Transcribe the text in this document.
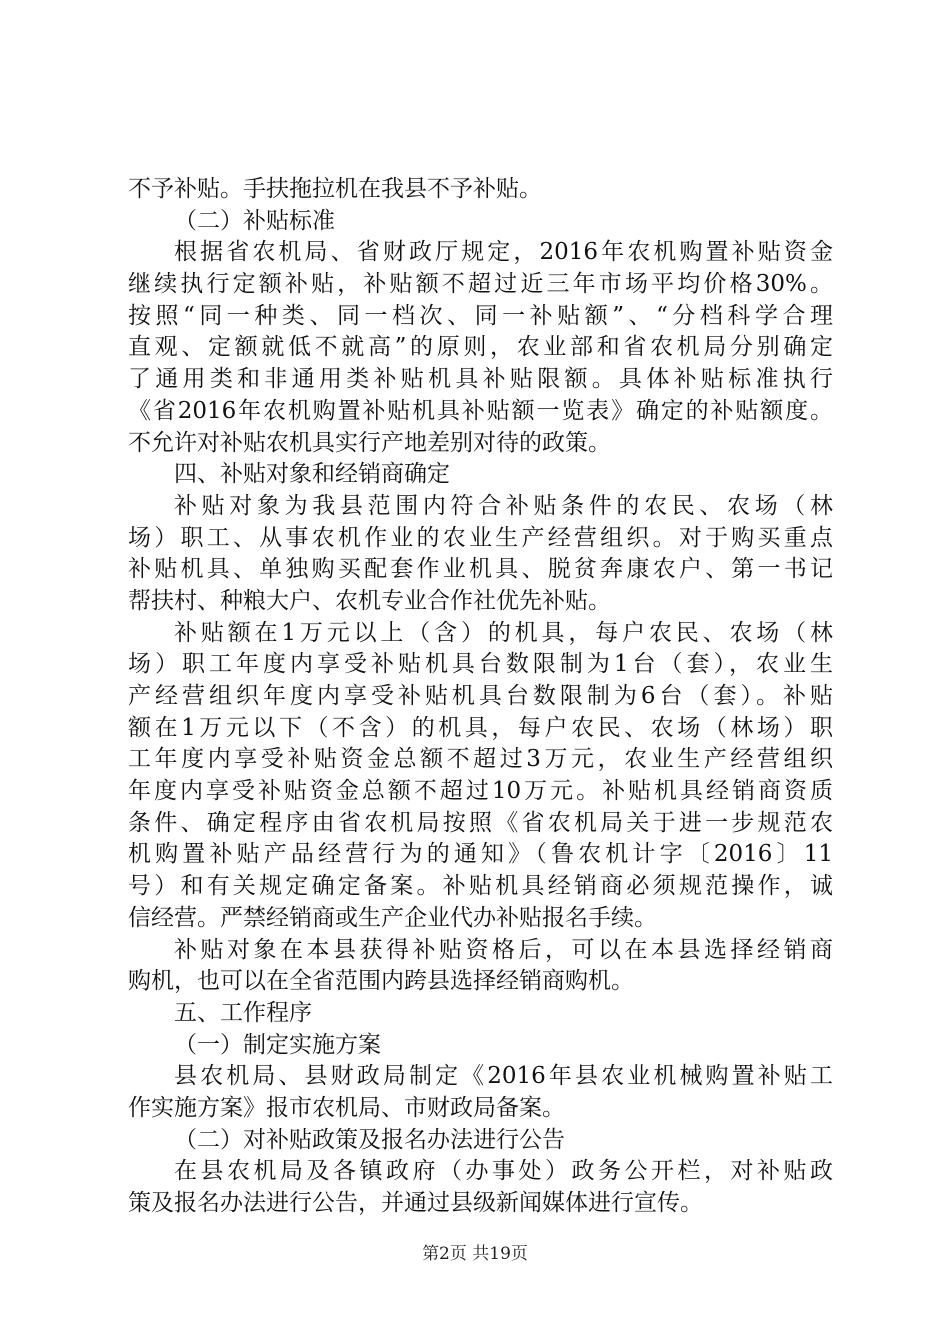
不予补贴。手扶拖拉机在我县不予补贴。
（二）补贴标准
根据省农机局、省财政厅规定，2016年农机购置补贴资金
继续执行定额补贴，补贴额不超过近三年市场平均价格30%。
按照“同一种类、同一档次、同一补贴额”、“分档科学合理
直观、定额就低不就高”的原则，农业部和省农机局分别确定
了通用类和非通用类补贴机具补贴限额。具体补贴标准执行
《省2016年农机购置补贴机具补贴额一览表》确定的补贴额度。
不允许对补贴农机具实行产地差别对待的政策。
四、补贴对象和经销商确定
补贴对象为我县范围内符合补贴条件的农民、农场（林
场）职工、从事农机作业的农业生产经营组织。对于购买重点
补贴机具、单独购买配套作业机具、脱贫奔康农户、第一书记
帮扶村、种粮大户、农机专业合作社优先补贴。
补贴额在1万元以上（含）的机具，每户农民、农场（林
场）职工年度内享受补贴机具台数限制为1台（套），农业生
产经营组织年度内享受补贴机具台数限制为6台（套）。补贴
额在1万元以下（不含）的机具，每户农民、农场（林场）职
工年度内享受补贴资金总额不超过3万元，农业生产经营组织
年度内享受补贴资金总额不超过10万元。补贴机具经销商资质
条件、确定程序由省农机局按照《省农机局关于进一步规范农
机购置补贴产品经营行为的通知》（鲁农机计字〔2016〕11
号）和有关规定确定备案。补贴机具经销商必须规范操作，诚
信经营。严禁经销商或生产企业代办补贴报名手续。
补贴对象在本县获得补贴资格后，可以在本县选择经销商
购机，也可以在全省范围内跨县选择经销商购机。
五、工作程序
（一）制定实施方案
县农机局、县财政局制定《2016年县农业机械购置补贴工
作实施方案》报市农机局、市财政局备案。
（二）对补贴政策及报名办法进行公告
在县农机局及各镇政府（办事处）政务公开栏，对补贴政
策及报名办法进行公告，并通过县级新闻媒体进行宣传。
第2页 共19页
